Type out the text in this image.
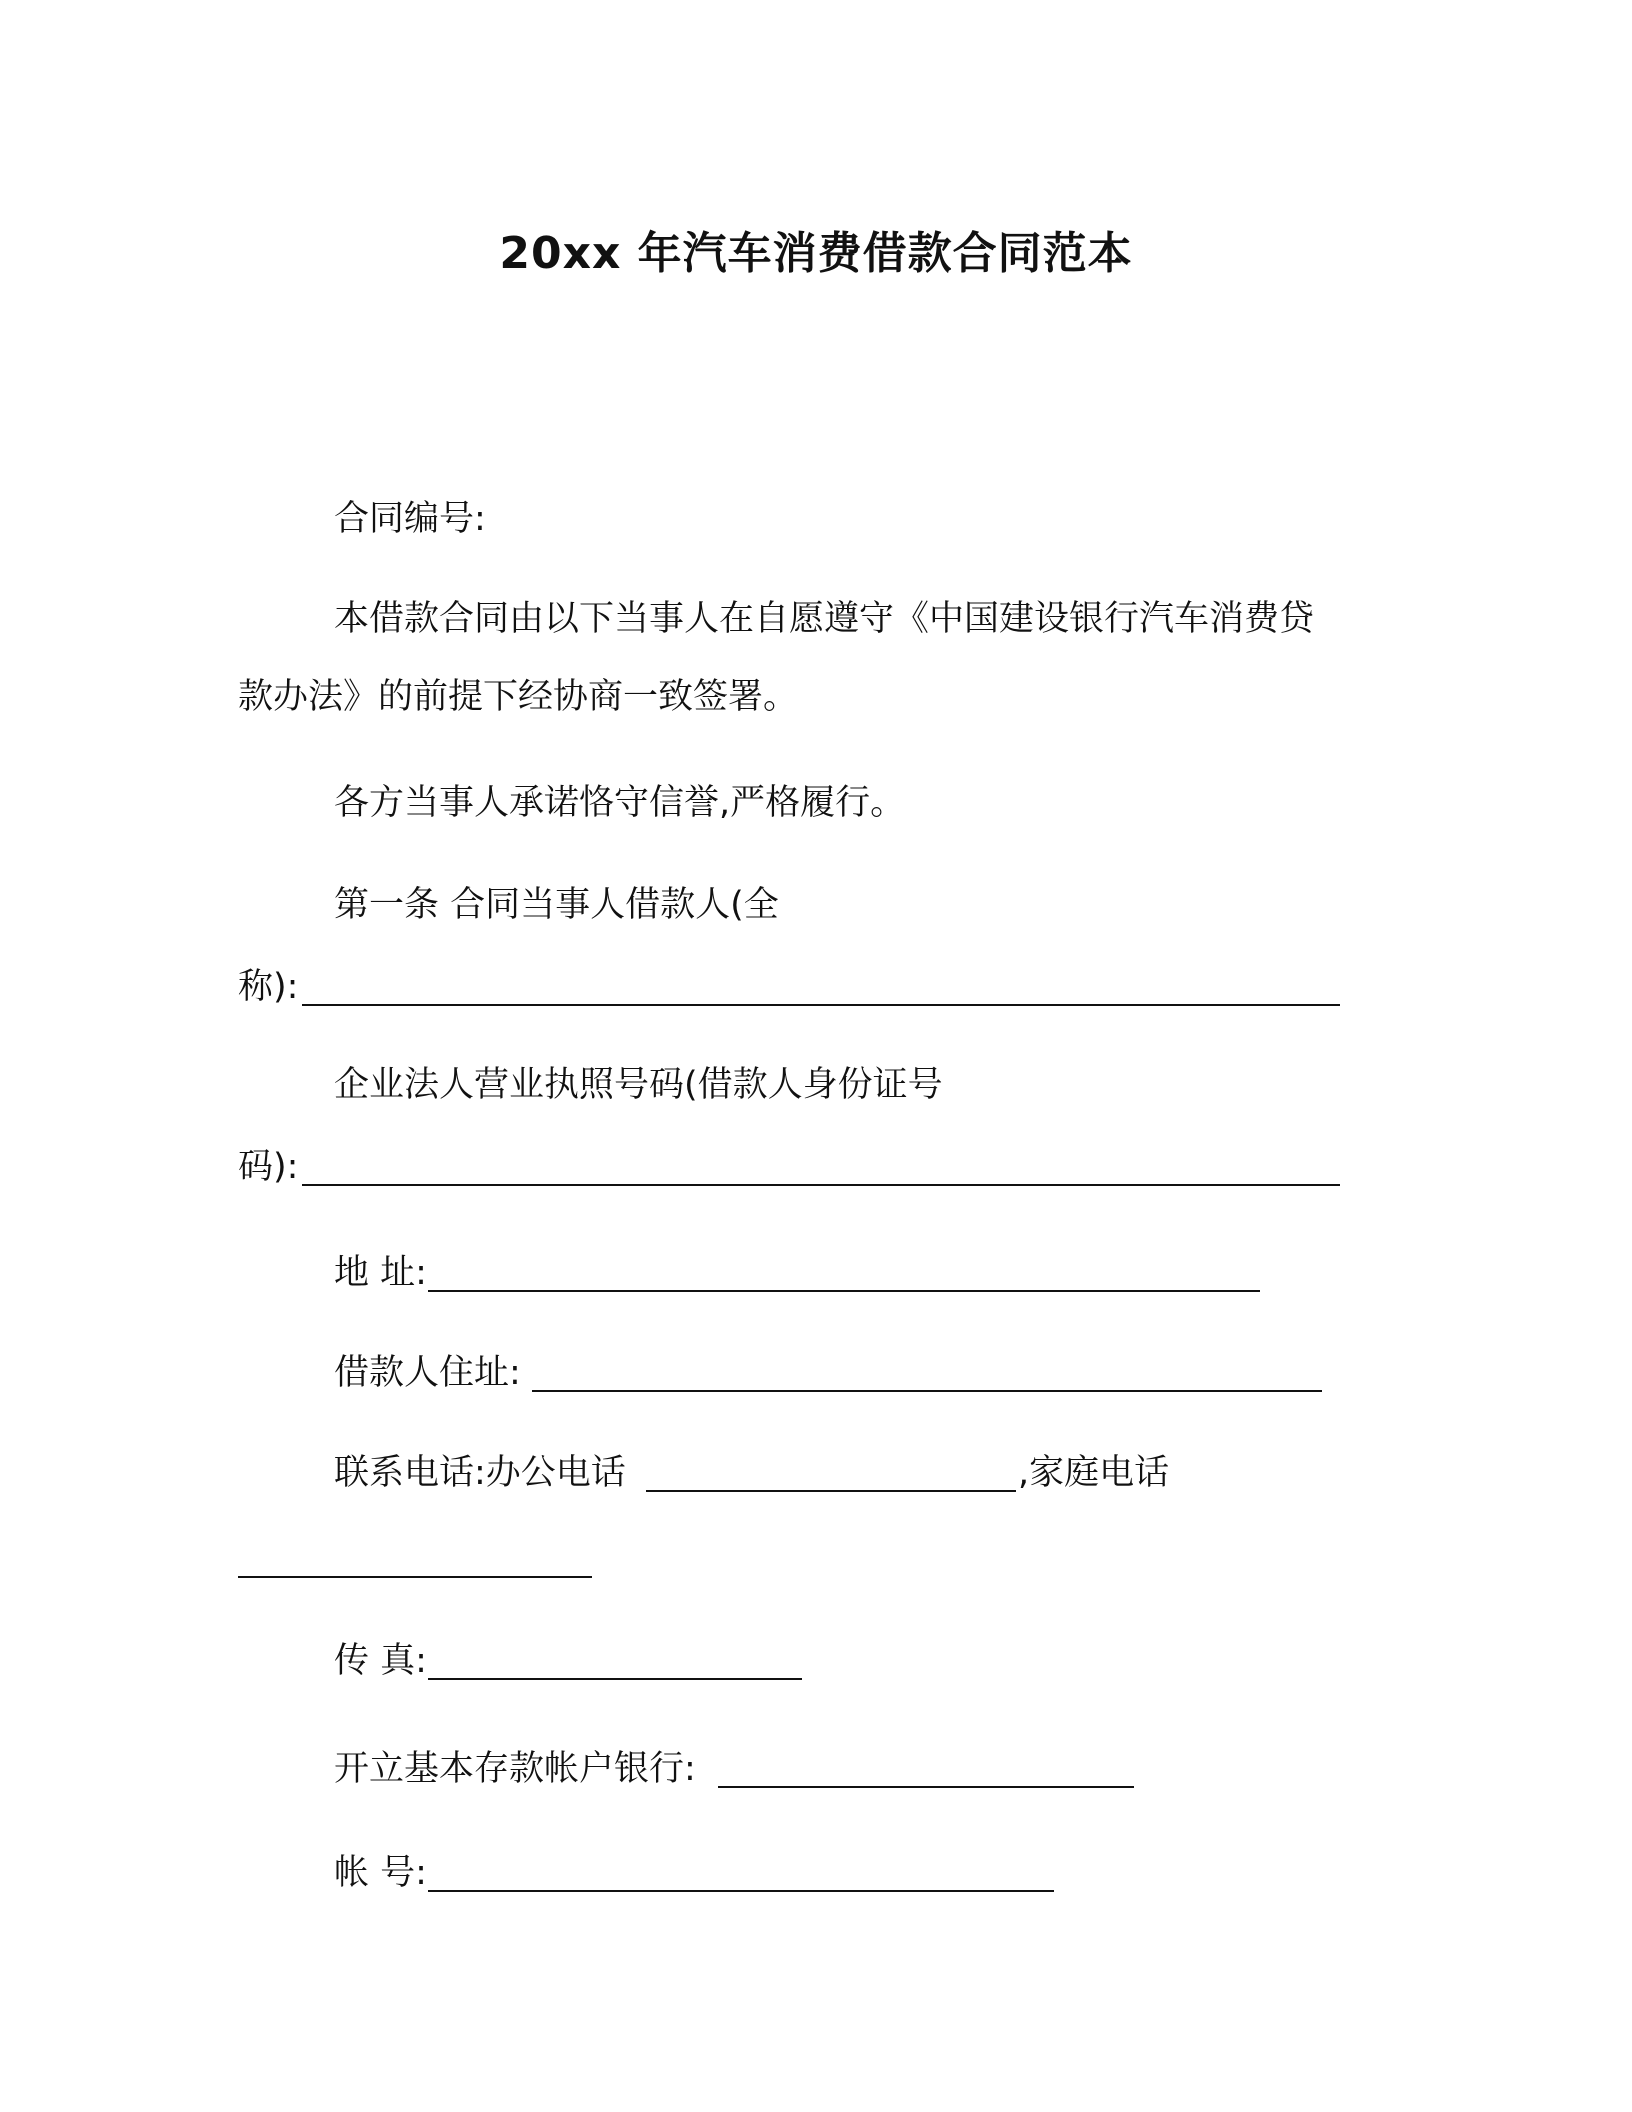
20xx 年汽车消费借款合同范本
合同编号:
本借款合同由以下当事人在自愿遵守《中国建设银行汽车消费贷
款办法》的前提下经协商一致签署。
各方当事人承诺恪守信誉,严格履行。
第一条 合同当事人借款人(全
称):
企业法人营业执照号码(借款人身份证号
码):
地 址:
借款人住址:
联系电话:办公电话	,家庭电话
传 真:
开立基本存款帐户银行:
帐 号:
